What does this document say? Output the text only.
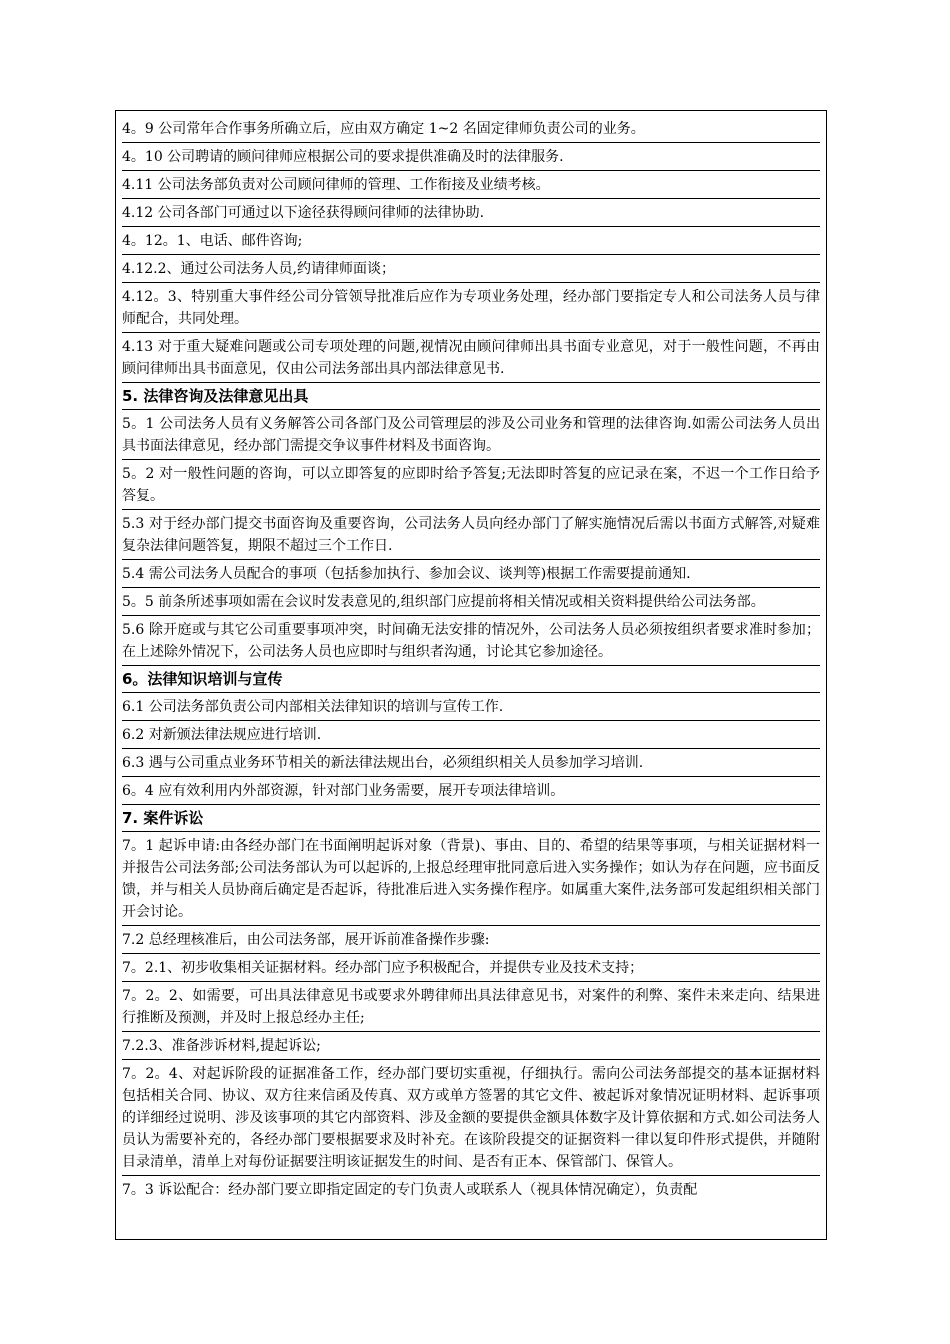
4。9 公司常年合作事务所确立后，应由双方确定 1~2 名固定律师负责公司的业务。

4。10 公司聘请的顾问律师应根据公司的要求提供准确及时的法律服务.

4.11 公司法务部负责对公司顾问律师的管理、工作衔接及业绩考核。

4.12 公司各部门可通过以下途径获得顾问律师的法律协助.

4。12。1、电话、邮件咨询;

4.12.2、通过公司法务人员,约请律师面谈；

4.12。3、特别重大事件经公司分管领导批准后应作为专项业务处理，经办部门要指定专人和公司法务人员与律师配合，共同处理。

4.13 对于重大疑难问题或公司专项处理的问题,视情况由顾问律师出具书面专业意见，对于一般性问题，不再由顾问律师出具书面意见，仅由公司法务部出具内部法律意见书.

5. 法律咨询及法律意见出具

5。1 公司法务人员有义务解答公司各部门及公司管理层的涉及公司业务和管理的法律咨询.如需公司法务人员出具书面法律意见，经办部门需提交争议事件材料及书面咨询。

5。2 对一般性问题的咨询，可以立即答复的应即时给予答复;无法即时答复的应记录在案，不迟一个工作日给予答复。

5.3 对于经办部门提交书面咨询及重要咨询，公司法务人员向经办部门了解实施情况后需以书面方式解答,对疑难复杂法律问题答复，期限不超过三个工作日.

5.4 需公司法务人员配合的事项（包括参加执行、参加会议、谈判等)根据工作需要提前通知.

5。5 前条所述事项如需在会议时发表意见的,组织部门应提前将相关情况或相关资料提供给公司法务部。

5.6 除开庭或与其它公司重要事项冲突，时间确无法安排的情况外，公司法务人员必须按组织者要求准时参加；在上述除外情况下，公司法务人员也应即时与组织者沟通，讨论其它参加途径。

6。法律知识培训与宣传

6.1 公司法务部负责公司内部相关法律知识的培训与宣传工作.

6.2 对新颁法律法规应进行培训.

6.3 遇与公司重点业务环节相关的新法律法规出台，必须组织相关人员参加学习培训.

6。4 应有效利用内外部资源，针对部门业务需要，展开专项法律培训。

7. 案件诉讼

7。1 起诉申请:由各经办部门在书面阐明起诉对象（背景)、事由、目的、希望的结果等事项，与相关证据材料一并报告公司法务部;公司法务部认为可以起诉的,上报总经理审批同意后进入实务操作；如认为存在问题，应书面反馈，并与相关人员协商后确定是否起诉，待批准后进入实务操作程序。如属重大案件,法务部可发起组织相关部门开会讨论。

7.2 总经理核准后，由公司法务部，展开诉前准备操作步骤:

7。2.1、初步收集相关证据材料。经办部门应予积极配合，并提供专业及技术支持；

7。2。2、如需要，可出具法律意见书或要求外聘律师出具法律意见书，对案件的利弊、案件未来走向、结果进行推断及预测，并及时上报总经办主任;

7.2.3、准备涉诉材料,提起诉讼;

7。2。4、对起诉阶段的证据准备工作，经办部门要切实重视，仔细执行。需向公司法务部提交的基本证据材料包括相关合同、协议、双方往来信函及传真、双方或单方签署的其它文件、被起诉对象情况证明材料、起诉事项的详细经过说明、涉及该事项的其它内部资料、涉及金额的要提供金额具体数字及计算依据和方式.如公司法务人员认为需要补充的，各经办部门要根据要求及时补充。在该阶段提交的证据资料一律以复印件形式提供，并随附目录清单，清单上对每份证据要注明该证据发生的时间、是否有正本、保管部门、保管人。

7。3 诉讼配合：经办部门要立即指定固定的专门负责人或联系人（视具体情况确定），负责配
